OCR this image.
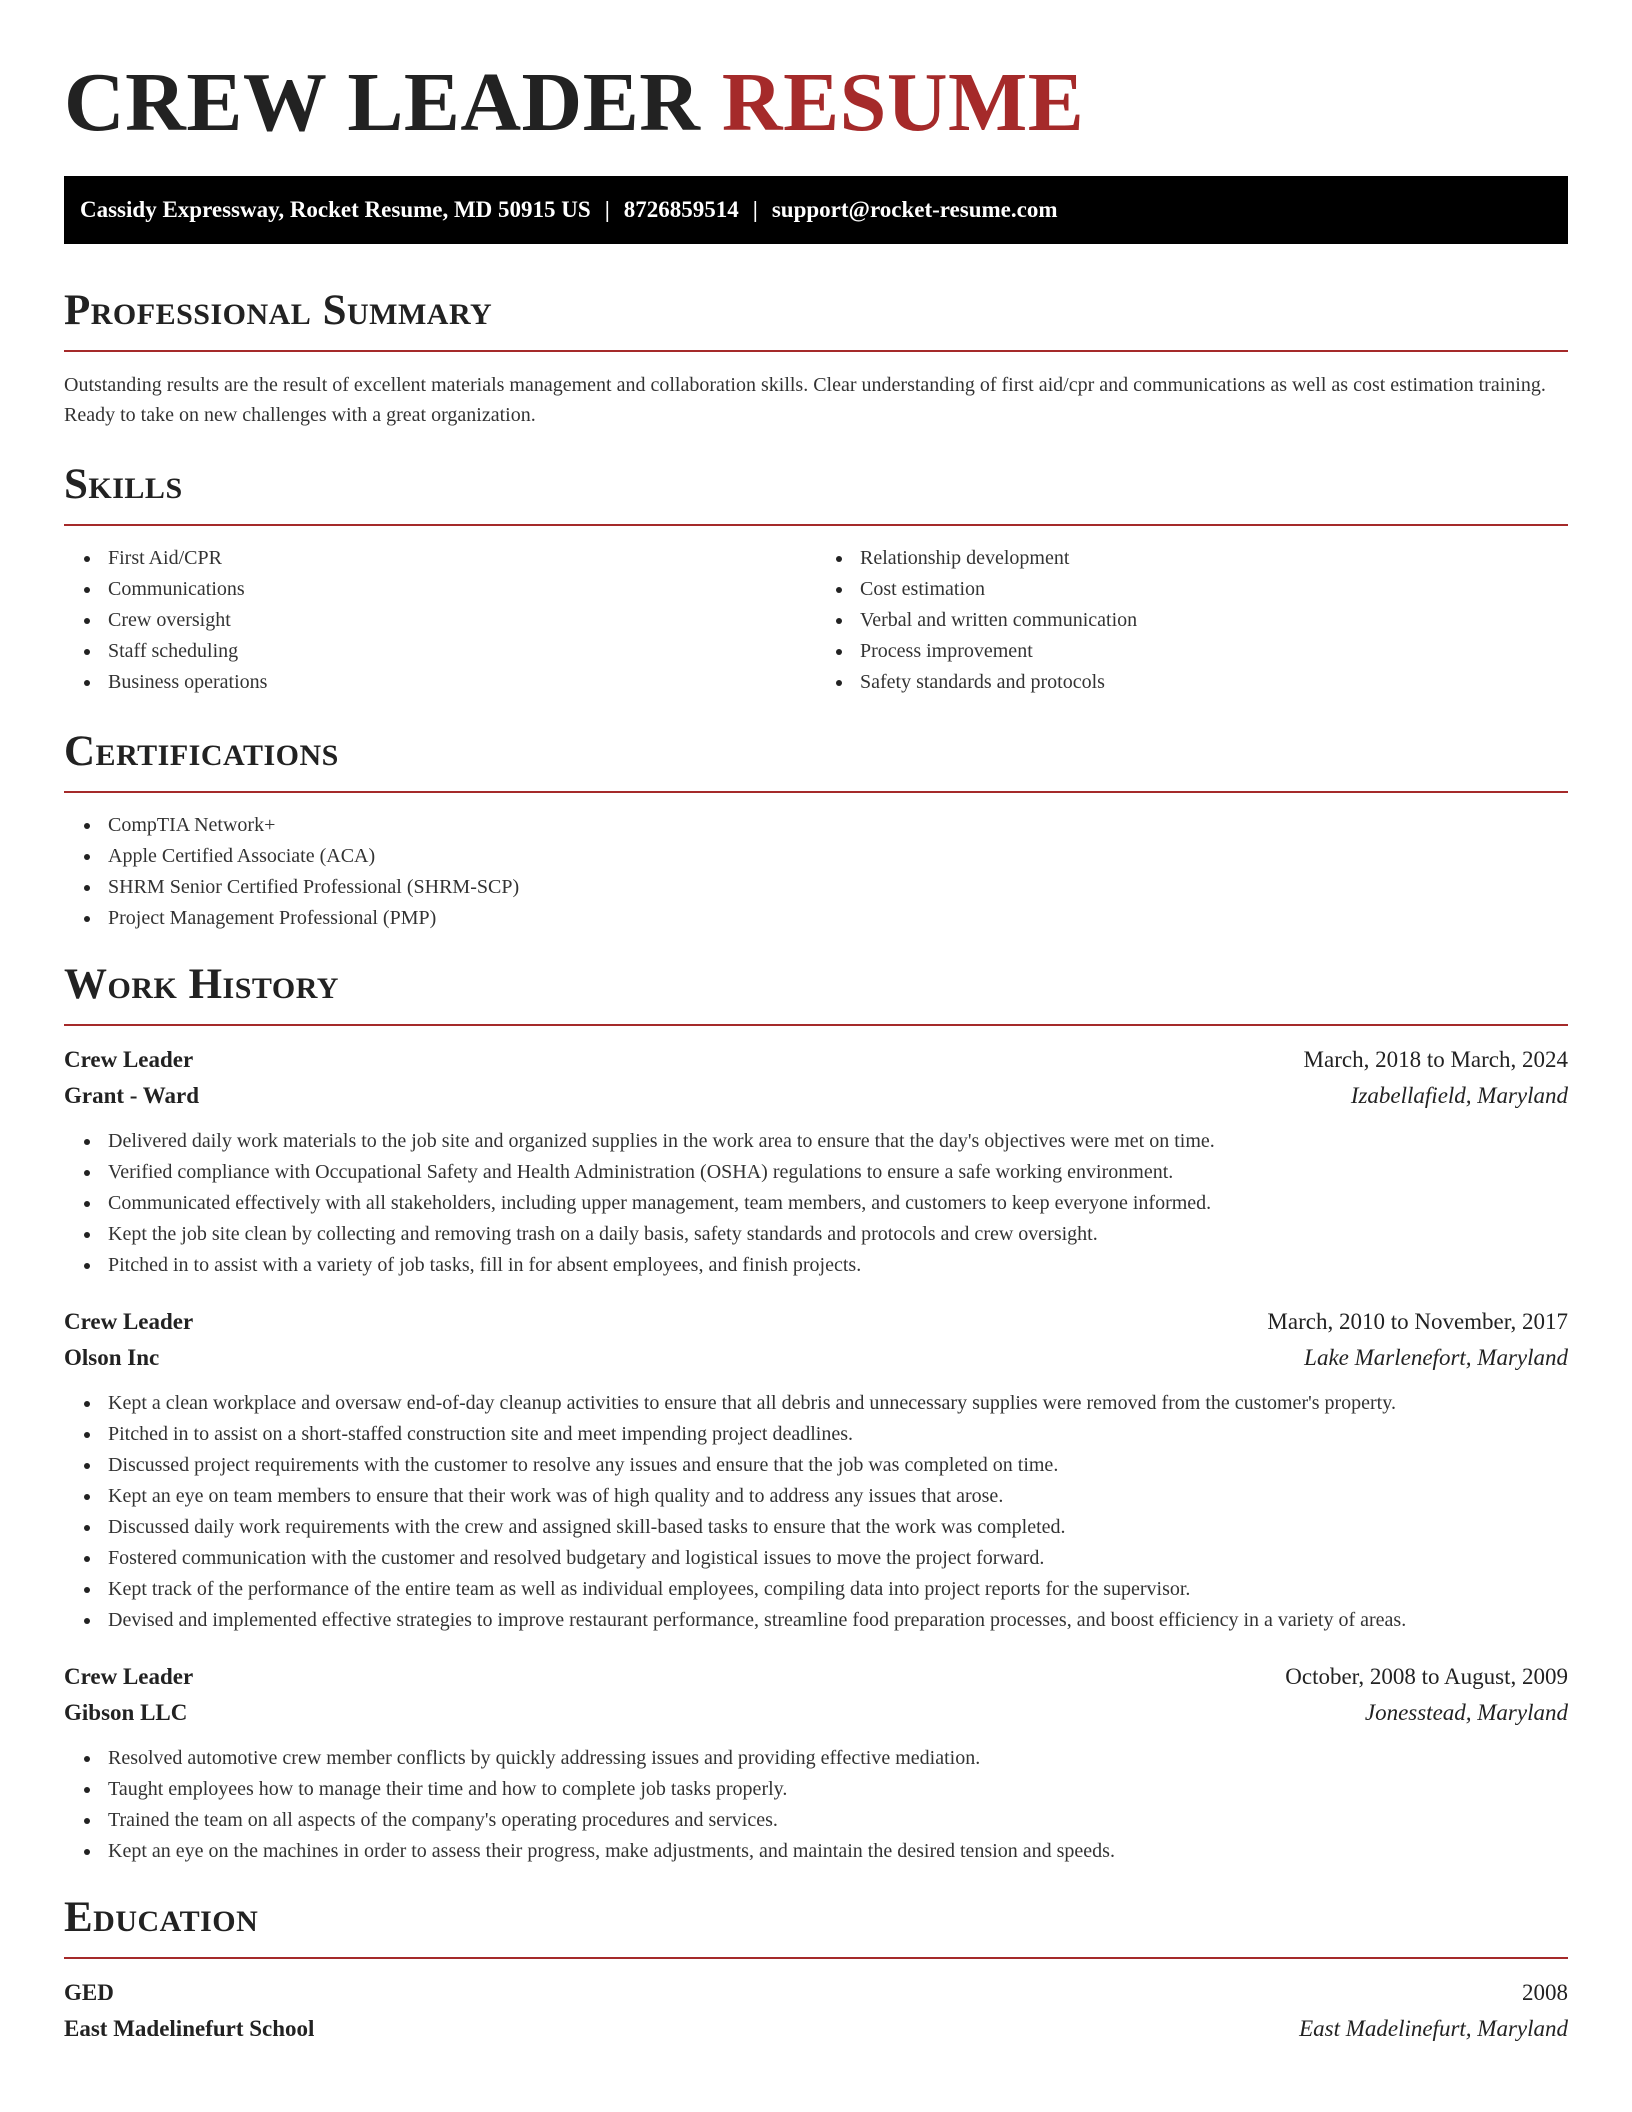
CREW LEADER RESUME
Cassidy Expressway, Rocket Resume, MD 50915 US | 8726859514 | support@rocket-resume.com
Professional Summary

Outstanding results are the result of excellent materials management and collaboration skills. Clear understanding of first aid/cpr and communications as well as cost estimation training. Ready to take on new challenges with a great organization.

Skills
First Aid/CPR
Communications
Crew oversight
Staff scheduling
Business operations
Relationship development
Cost estimation
Verbal and written communication
Process improvement
Safety standards and protocols
Certifications
CompTIA Network+
Apple Certified Associate (ACA)
SHRM Senior Certified Professional (SHRM-SCP)
Project Management Professional (PMP)
Work History
Crew Leader	March, 2018 to March, 2024
Grant - Ward	Izabellafield, Maryland
Delivered daily work materials to the job site and organized supplies in the work area to ensure that the day's objectives were met on time.
Verified compliance with Occupational Safety and Health Administration (OSHA) regulations to ensure a safe working environment.
Communicated effectively with all stakeholders, including upper management, team members, and customers to keep everyone informed.
Kept the job site clean by collecting and removing trash on a daily basis, safety standards and protocols and crew oversight.
Pitched in to assist with a variety of job tasks, fill in for absent employees, and finish projects.
Crew Leader	March, 2010 to November, 2017
Olson Inc	Lake Marlenefort, Maryland
Kept a clean workplace and oversaw end-of-day cleanup activities to ensure that all debris and unnecessary supplies were removed from the customer's property.
Pitched in to assist on a short-staffed construction site and meet impending project deadlines.
Discussed project requirements with the customer to resolve any issues and ensure that the job was completed on time.
Kept an eye on team members to ensure that their work was of high quality and to address any issues that arose.
Discussed daily work requirements with the crew and assigned skill-based tasks to ensure that the work was completed.
Fostered communication with the customer and resolved budgetary and logistical issues to move the project forward.
Kept track of the performance of the entire team as well as individual employees, compiling data into project reports for the supervisor.
Devised and implemented effective strategies to improve restaurant performance, streamline food preparation processes, and boost efficiency in a variety of areas.
Crew Leader	October, 2008 to August, 2009
Gibson LLC	Jonesstead, Maryland
Resolved automotive crew member conflicts by quickly addressing issues and providing effective mediation.
Taught employees how to manage their time and how to complete job tasks properly.
Trained the team on all aspects of the company's operating procedures and services.
Kept an eye on the machines in order to assess their progress, make adjustments, and maintain the desired tension and speeds.
Education
GED	2008
East Madelinefurt School	East Madelinefurt, Maryland
